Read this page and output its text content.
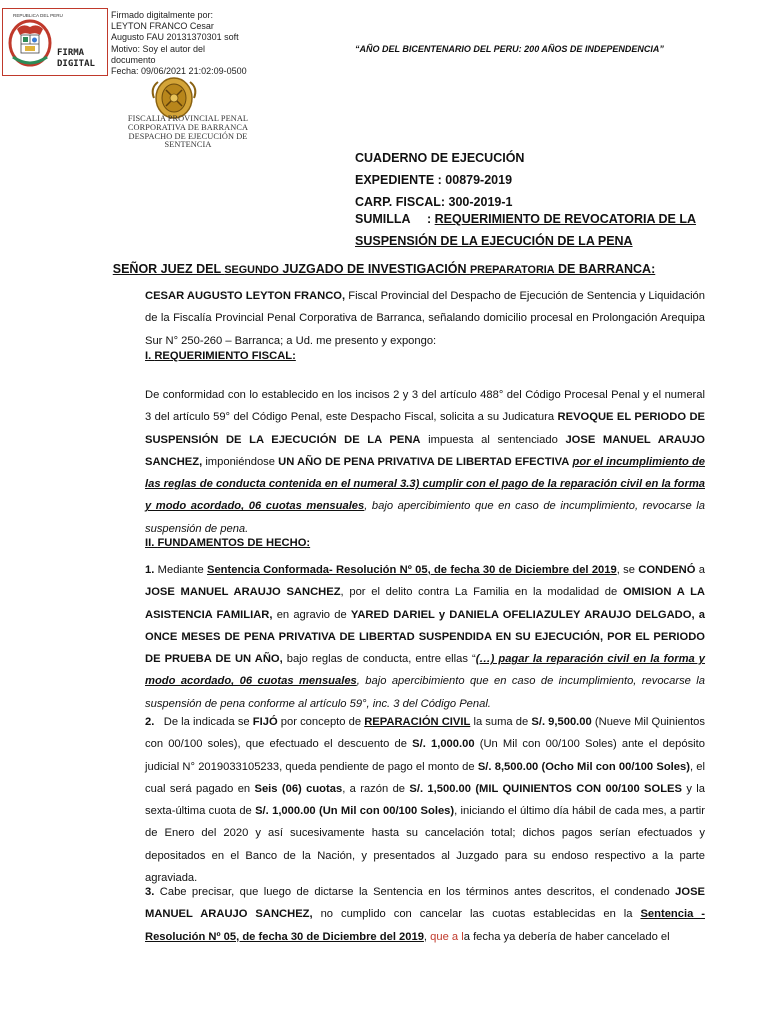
REPUBLICA DEL PERU
FIRMA
DIGITAL
Firmado digitalmente por:
LEYTON FRANCO Cesar
Augusto FAU 20131370301 soft
Motivo: Soy el autor del
documento
Fecha: 09/06/2021 21:02:09-0500
“AÑO DEL BICENTENARIO DEL PERU: 200 AÑOS DE INDEPENDENCIA”
FISCALIA PROVINCIAL PENAL
CORPORATIVA DE BARRANCA
DESPACHO DE EJECUCIÓN DE SENTENCIA
CUADERNO DE EJECUCIÓN
EXPEDIENTE : 00879-2019
CARP. FISCAL: 300-2019-1
SUMILLA : REQUERIMIENTO DE REVOCATORIA DE LA
SUSPENSIÓN DE LA EJECUCIÓN DE LA PENA
SEÑOR JUEZ DEL SEGUNDO JUZGADO DE INVESTIGACIÓN PREPARATORIA DE BARRANCA:
CESAR AUGUSTO LEYTON FRANCO, Fiscal Provincial del Despacho de Ejecución de Sentencia y Liquidación de la Fiscalía Provincial Penal Corporativa de Barranca, señalando domicilio procesal en Prolongación Arequipa Sur N° 250-260 – Barranca; a Ud. me presento y expongo:
I. REQUERIMIENTO FISCAL:
De conformidad con lo establecido en los incisos 2 y 3 del artículo 488° del Código Procesal Penal y el numeral 3 del artículo 59° del Código Penal, este Despacho Fiscal, solicita a su Judicatura REVOQUE EL PERIODO DE SUSPENSIÓN DE LA EJECUCIÓN DE LA PENA impuesta al sentenciado JOSE MANUEL ARAUJO SANCHEZ, imponiéndose UN AÑO DE PENA PRIVATIVA DE LIBERTAD EFECTIVA por el incumplimiento de las reglas de conducta contenida en el numeral 3.3) cumplir con el pago de la reparación civil en la forma y modo acordado, 06 cuotas mensuales, bajo apercibimiento que en caso de incumplimiento, revocarse la suspensión de pena.
II. FUNDAMENTOS DE HECHO:
1. Mediante Sentencia Conformada- Resolución Nº 05, de fecha 30 de Diciembre del 2019, se CONDENÓ a JOSE MANUEL ARAUJO SANCHEZ, por el delito contra La Familia en la modalidad de OMISION A LA ASISTENCIA FAMILIAR, en agravio de YARED DARIEL y DANIELA OFELIAZULEY ARAUJO DELGADO, a ONCE MESES DE PENA PRIVATIVA DE LIBERTAD SUSPENDIDA EN SU EJECUCIÓN, POR EL PERIODO DE PRUEBA DE UN AÑO, bajo reglas de conducta, entre ellas “(…) pagar la reparación civil en la forma y modo acordado, 06 cuotas mensuales, bajo apercibimiento que en caso de incumplimiento, revocarse la suspensión de pena conforme al artículo 59°, inc. 3 del Código Penal.
2.   De la indicada se FIJÓ por concepto de REPARACIÓN CIVIL la suma de S/. 9,500.00 (Nueve Mil Quinientos con 00/100 soles), que efectuado el descuento de S/. 1,000.00 (Un Mil con 00/100 Soles) ante el depósito judicial N° 2019033105233, queda pendiente de pago el monto de S/. 8,500.00 (Ocho Mil con 00/100 Soles), el cual será pagado en Seis (06) cuotas, a razón de S/. 1,500.00 (MIL QUINIENTOS CON 00/100 SOLES y la sexta-última cuota de S/. 1,000.00 (Un Mil con 00/100 Soles), iniciando el último día hábil de cada mes, a partir de Enero del 2020 y así sucesivamente hasta su cancelación total; dichos pagos serían efectuados y depositados en el Banco de la Nación, y presentados al Juzgado para su endoso respectivo a la parte agraviada.
3. Cabe precisar, que luego de dictarse la Sentencia en los términos antes descritos, el condenado JOSE MANUEL ARAUJO SANCHEZ, no cumplido con cancelar las cuotas establecidas en la Sentencia - Resolución Nº 05, de fecha 30 de Diciembre del 2019, que a la fecha ya debería de haber cancelado el
